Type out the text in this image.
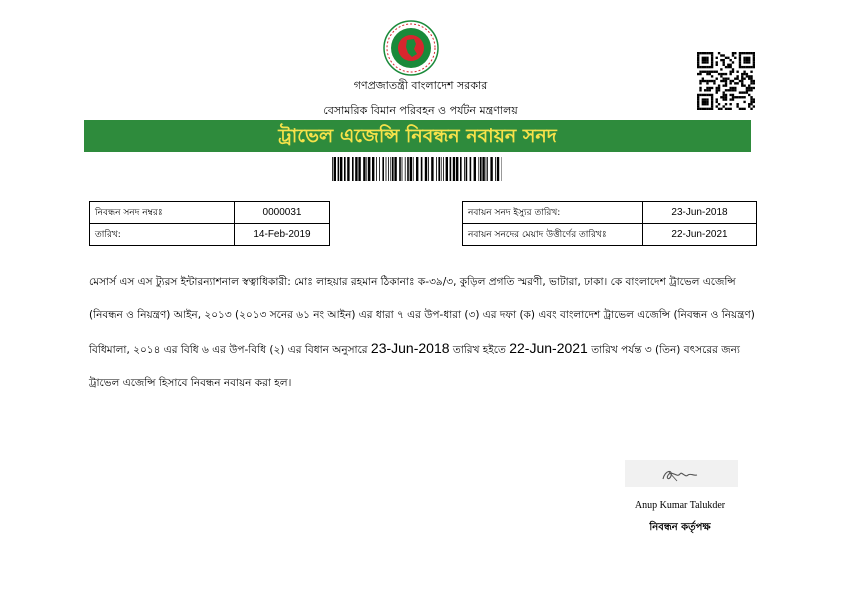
গণপ্রজাতন্ত্রী বাংলাদেশ সরকার
বেসামরিক বিমান পরিবহন ও পর্যটন মন্ত্রণালয়
ট্রাভেল এজেন্সি নিবন্ধন নবায়ন সনদ
নিবন্ধন সনদ নম্বরঃ	0000031
তারিখ:	14-Feb-2019
নবায়ন সনদ ইস্যুর তারিখ:	23-Jun-2018
নবায়ন সনদের মেয়াদ উত্তীর্ণের তারিখঃ	22-Jun-2021
মেসার্স এস এস ট্যুরস ইন্টারন্যাশনাল স্বত্বাধিকারী: মোঃ লাহয়ার রহমান ঠিকানাঃ ক-৩৯/৩, কুড়িল প্রগতি স্মরণী, ভাটারা, ঢাকা। কে বাংলাদেশ ট্রাভেল এজেন্সি (নিবন্ধন ও নিয়ন্ত্রণ) আইন, ২০১৩ (২০১৩ সনের ৬১ নং আইন) এর ধারা ৭ এর উপ-ধারা (৩) এর দফা (ক) এবং বাংলাদেশ ট্রাভেল এজেন্সি (নিবন্ধন ও নিয়ন্ত্রণ) বিধিমালা, ২০১৪ এর বিধি ৬ এর উপ-বিধি (২) এর বিধান অনুসারে 23-Jun-2018 তারিখ হইতে 22-Jun-2021 তারিখ পর্যন্ত ৩ (তিন) বৎসরের জন্য ট্রাভেল এজেন্সি হিসাবে নিবন্ধন নবায়ন করা হল।
Anup Kumar Talukder
নিবন্ধন কর্তৃপক্ষ
